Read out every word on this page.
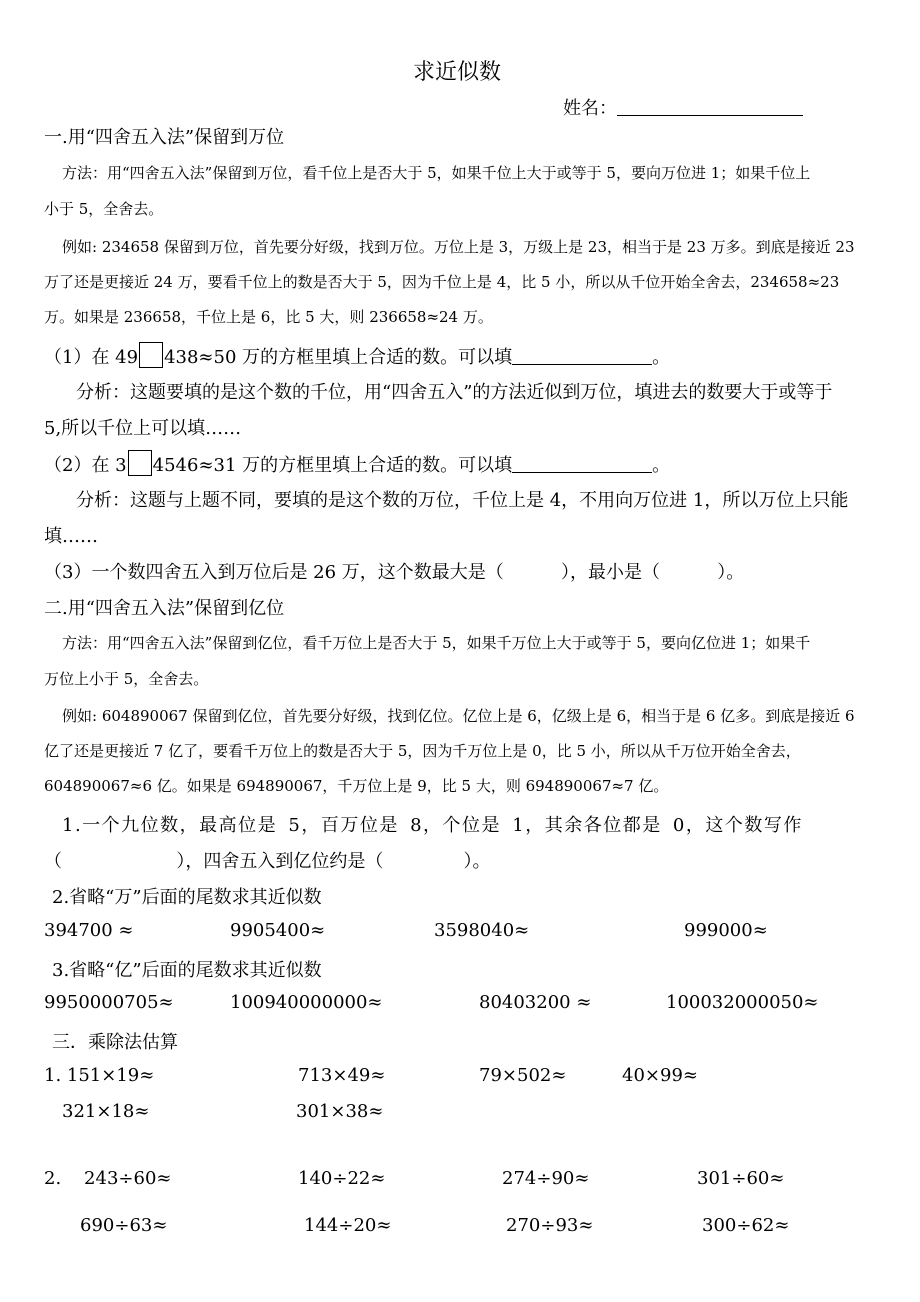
求近似数
姓名：
一.用“四舍五入法”保留到万位
方法：用“四舍五入法”保留到万位，看千位上是否大于 5，如果千位上大于或等于 5，要向万位进 1；如果千位上
小于 5，全舍去。
例如: 234658 保留到万位，首先要分好级，找到万位。万位上是 3，万级上是 23，相当于是 23 万多。到底是接近 23
万了还是更接近 24 万，要看千位上的数是否大于 5，因为千位上是 4，比 5 小，所以从千位开始全舍去，234658≈23
万。如果是 236658，千位上是 6，比 5 大，则 236658≈24 万。
（1）在 49 438≈50 万的方框里填上合适的数。可以填	。
分析：这题要填的是这个数的千位，用“四舍五入”的方法近似到万位，填进去的数要大于或等于
5,所以千位上可以填……
（2）在 3 4546≈31 万的方框里填上合适的数。可以填	。
分析：这题与上题不同，要填的是这个数的万位，千位上是 4，不用向万位进 1，所以万位上只能
填……
（3）一个数四舍五入到万位后是 26 万，这个数最大是（          ），最小是（          ）。
二.用“四舍五入法”保留到亿位
方法：用“四舍五入法”保留到亿位，看千万位上是否大于 5，如果千万位上大于或等于 5，要向亿位进 1；如果千
万位上小于 5，全舍去。
例如: 604890067 保留到亿位，首先要分好级，找到亿位。亿位上是 6，亿级上是 6，相当于是 6 亿多。到底是接近 6
亿了还是更接近 7 亿了，要看千万位上的数是否大于 5，因为千万位上是 0，比 5 小，所以从千万位开始全舍去，
604890067≈6 亿。如果是 694890067，千万位上是 9，比 5 大，则 694890067≈7 亿。
1.一个九位数，最高位是 5，百万位是 8，个位是 1，其余各位都是 0，这个数写作
（                    ），四舍五入到亿位约是（              ）。
2.省略“万”后面的尾数求其近似数
394700 ≈	9905400≈	3598040≈	999000≈
3.省略“亿”后面的尾数求其近似数
9950000705≈	100940000000≈	80403200 ≈	100032000050≈
三．乘除法估算
1. 151×19≈	713×49≈	79×502≈	40×99≈
321×18≈	301×38≈
2.    243÷60≈	140÷22≈	274÷90≈	301÷60≈
690÷63≈	144÷20≈	270÷93≈	300÷62≈
